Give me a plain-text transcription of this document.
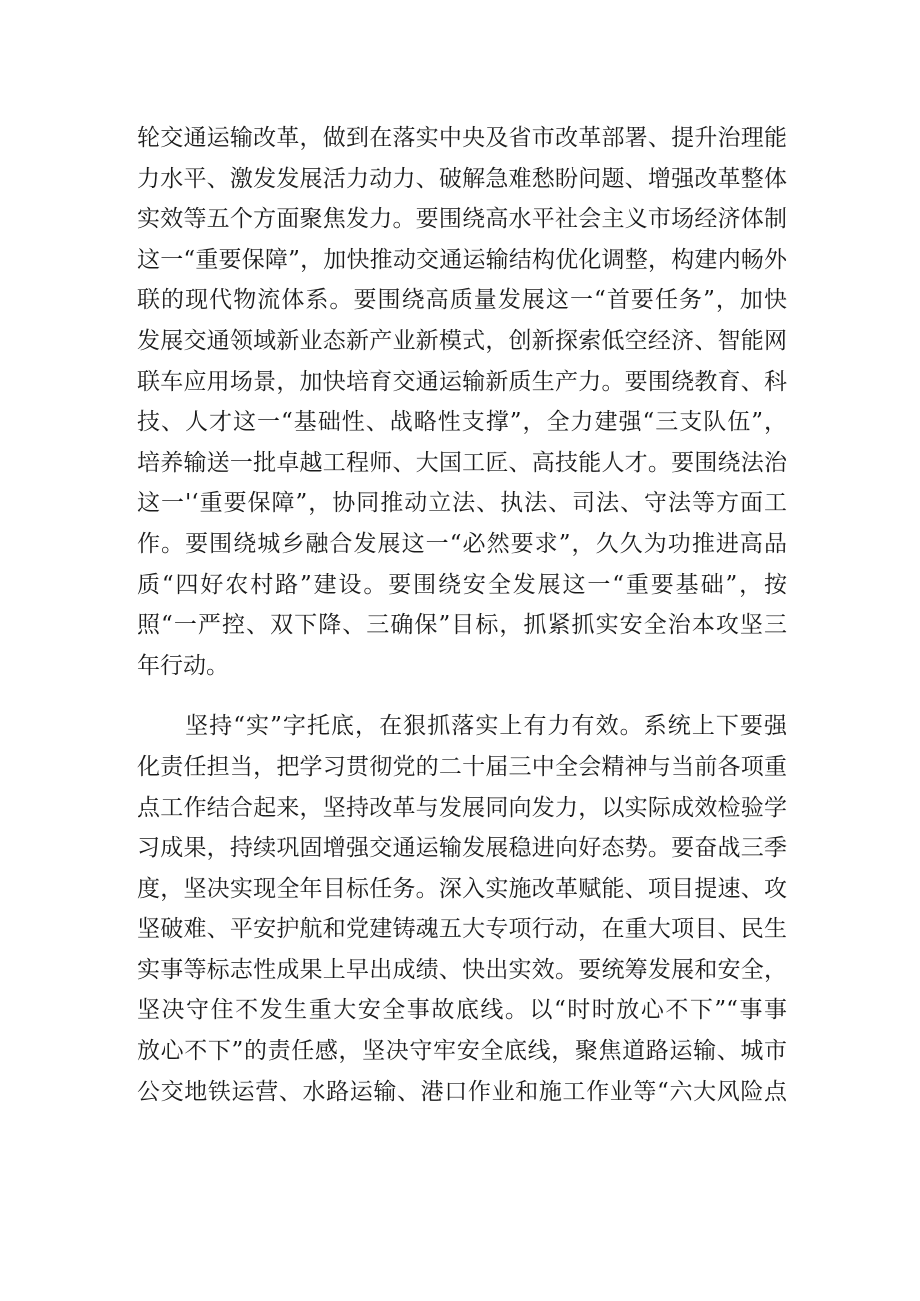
轮交通运输改革，做到在落实中央及省市改革部署、提升治理能
力水平、激发发展活力动力、破解急难愁盼问题、增强改革整体
实效等五个方面聚焦发力。要围绕高水平社会主义市场经济体制
这一“重要保障”，加快推动交通运输结构优化调整，构建内畅外
联的现代物流体系。要围绕高质量发展这一“首要任务”，加快
发展交通领域新业态新产业新模式，创新探索低空经济、智能网
联车应用场景，加快培育交通运输新质生产力。要围绕教育、科
技、人才这一“基础性、战略性支撑”，全力建强“三支队伍”，
培养输送一批卓越工程师、大国工匠、高技能人才。要围绕法治
这一'‘重要保障”，协同推动立法、执法、司法、守法等方面工
作。要围绕城乡融合发展这一“必然要求”，久久为功推进高品
质“四好农村路”建设。要围绕安全发展这一“重要基础”，按
照“一严控、双下降、三确保”目标，抓紧抓实安全治本攻坚三
年行动。
　　坚持“实”字托底，在狠抓落实上有力有效。系统上下要强
化责任担当，把学习贯彻党的二十届三中全会精神与当前各项重
点工作结合起来，坚持改革与发展同向发力，以实际成效检验学
习成果，持续巩固增强交通运输发展稳进向好态势。要奋战三季
度，坚决实现全年目标任务。深入实施改革赋能、项目提速、攻
坚破难、平安护航和党建铸魂五大专项行动，在重大项目、民生
实事等标志性成果上早出成绩、快出实效。要统筹发展和安全，
坚决守住不发生重大安全事故底线。以“时时放心不下”“事事
放心不下”的责任感，坚决守牢安全底线，聚焦道路运输、城市
公交地铁运营、水路运输、港口作业和施工作业等“六大风险点
